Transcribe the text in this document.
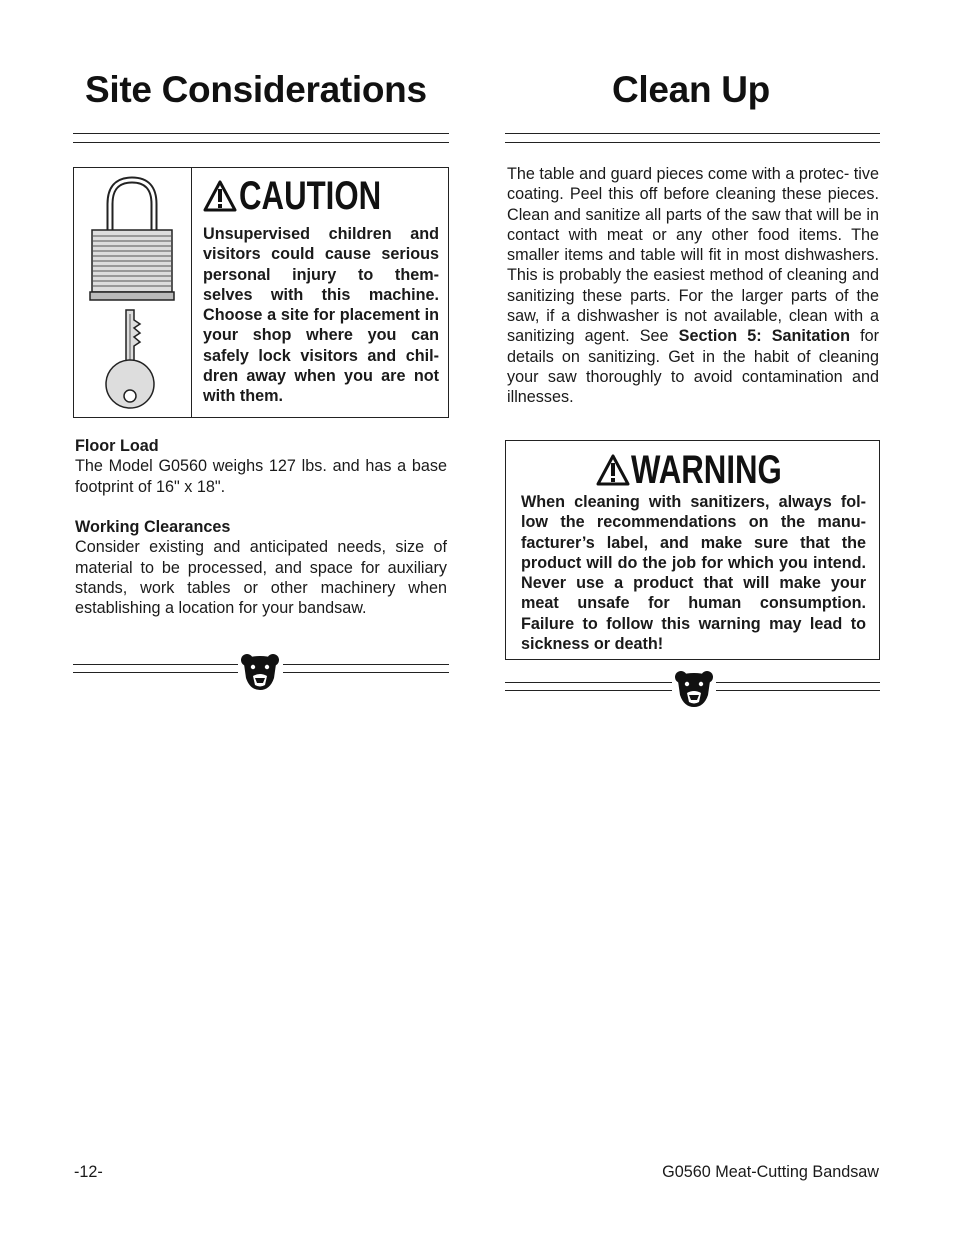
Site Considerations
CAUTION
Unsupervised children and visitors could cause serious personal injury to them- selves with this machine. Choose a site for placement in your shop where you can safely lock visitors and chil- dren away when you are not with them.
Floor Load
The Model G0560 weighs 127 lbs. and has a base footprint of 16" x 18".
Working Clearances
Consider existing and anticipated needs, size of material to be processed, and space for auxiliary stands, work tables or other machinery when establishing a location for your bandsaw.
Clean Up
The table and guard pieces come with a protec- tive coating. Peel this off before cleaning these pieces. Clean and sanitize all parts of the saw that will be in contact with meat or any other food items. The smaller items and table will fit in most dishwashers. This is probably the easiest method of cleaning and sanitizing these parts. For the larger parts of the saw, if a dishwasher is not available, clean with a sanitizing agent. See Section 5: Sanitation for details on sanitizing. Get in the habit of cleaning your saw thoroughly to avoid contamination and illnesses.
WARNING
When cleaning with sanitizers, always fol- low the recommendations on the manu- facturer’s label, and make sure that the product will do the job for which you intend. Never use a product that will make your meat unsafe for human consumption. Failure to follow this warning may lead to sickness or death!
-12-	G0560 Meat-Cutting Bandsaw
